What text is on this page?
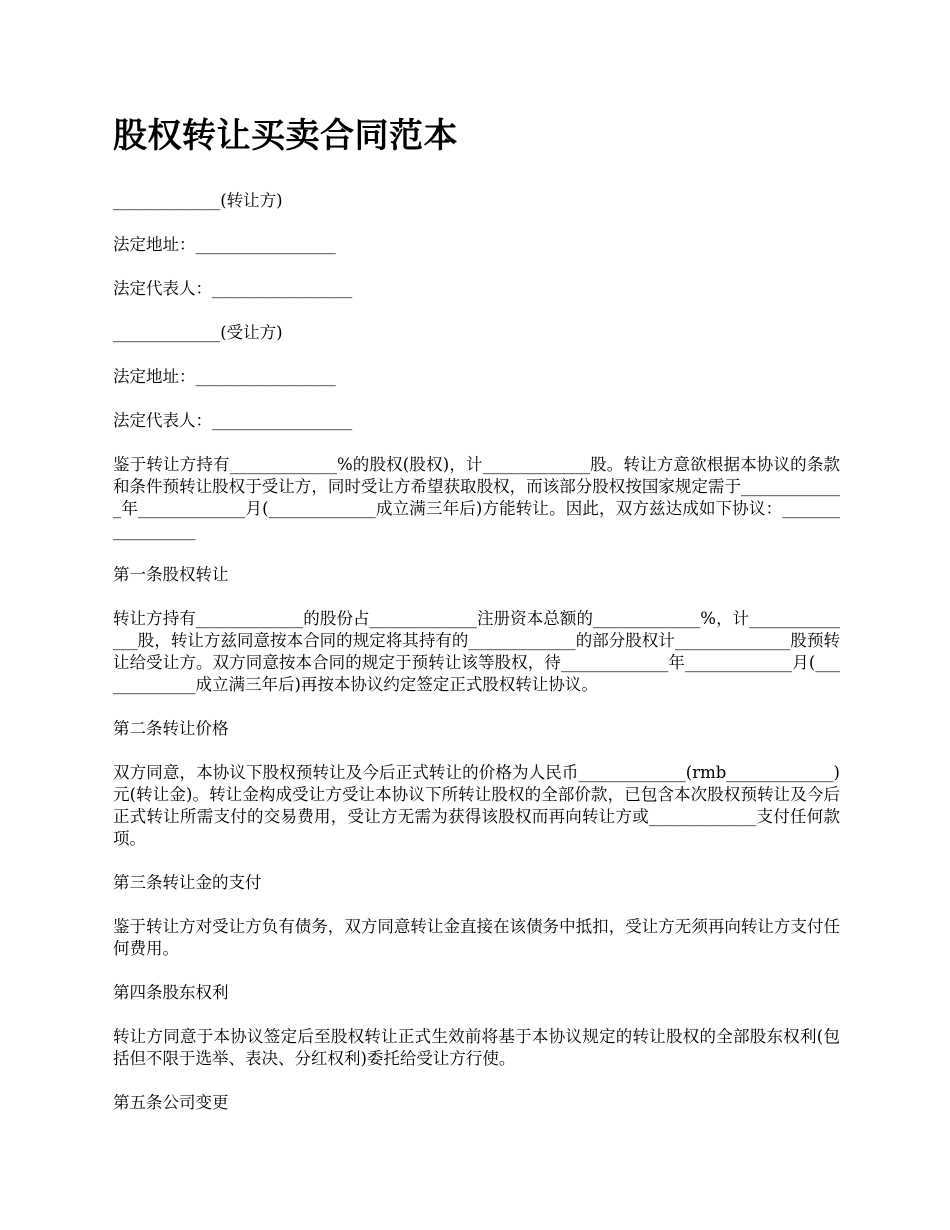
股权转让买卖合同范本

_____________(转让方)

法定地址：_________________

法定代表人：_________________

_____________(受让方)

法定地址：_________________

法定代表人：_________________

鉴于转让方持有_____________%的股权(股权)，计_____________股。转让方意欲根据本协议的条款和条件预转让股权于受让方，同时受让方希望获取股权，而该部分股权按国家规定需于_____________年_____________月(_____________成立满三年后)方能转让。因此，双方兹达成如下协议：_________________

第一条股权转让

转让方持有_____________的股份占_____________注册资本总额的_____________%，计______________股，转让方兹同意按本合同的规定将其持有的_____________的部分股权计______________股预转让给受让方。双方同意按本合同的规定于预转让该等股权，待_____________年_____________月(_____________成立满三年后)再按本协议约定签定正式股权转让协议。

第二条转让价格

双方同意，本协议下股权预转让及今后正式转让的价格为人民币_____________(rmb_____________)元(转让金)。转让金构成受让方受让本协议下所转让股权的全部价款，已包含本次股权预转让及今后正式转让所需支付的交易费用，受让方无需为获得该股权而再向转让方或_____________支付任何款项。

第三条转让金的支付

鉴于转让方对受让方负有债务，双方同意转让金直接在该债务中抵扣，受让方无须再向转让方支付任何费用。

第四条股东权利

转让方同意于本协议签定后至股权转让正式生效前将基于本协议规定的转让股权的全部股东权利(包括但不限于选举、表决、分红权利)委托给受让方行使。

第五条公司变更
